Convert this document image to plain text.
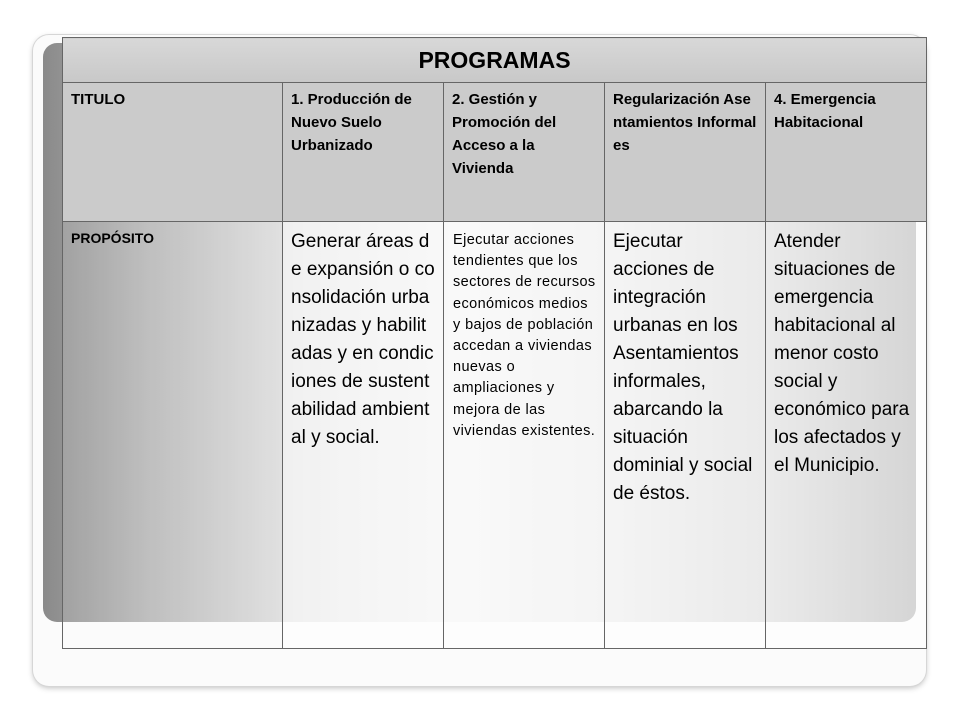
PROGRAMAS				
TITULO	1. Producción de Nuevo Suelo Urbanizado	2. Gestión y Promoción del Acceso a la Vivienda	Regularización Asentamientos Informales	4. Emergencia Habitacional

PROPÓSITO	Generar áreas de expansión o consolidación urbanizadas y habilitadas y en condiciones de sustentabilidad ambiental y social.	Ejecutar acciones tendientes que los sectores de recursos económicos medios y bajos de población accedan a viviendas nuevas o ampliaciones y mejora de las viviendas existentes.	Ejecutar acciones de integración urbanas en los Asentamientos informales, abarcando la situación dominial y social de éstos.	Atender situaciones de emergencia habitacional al menor costo social y económico para los afectados y el Municipio.
